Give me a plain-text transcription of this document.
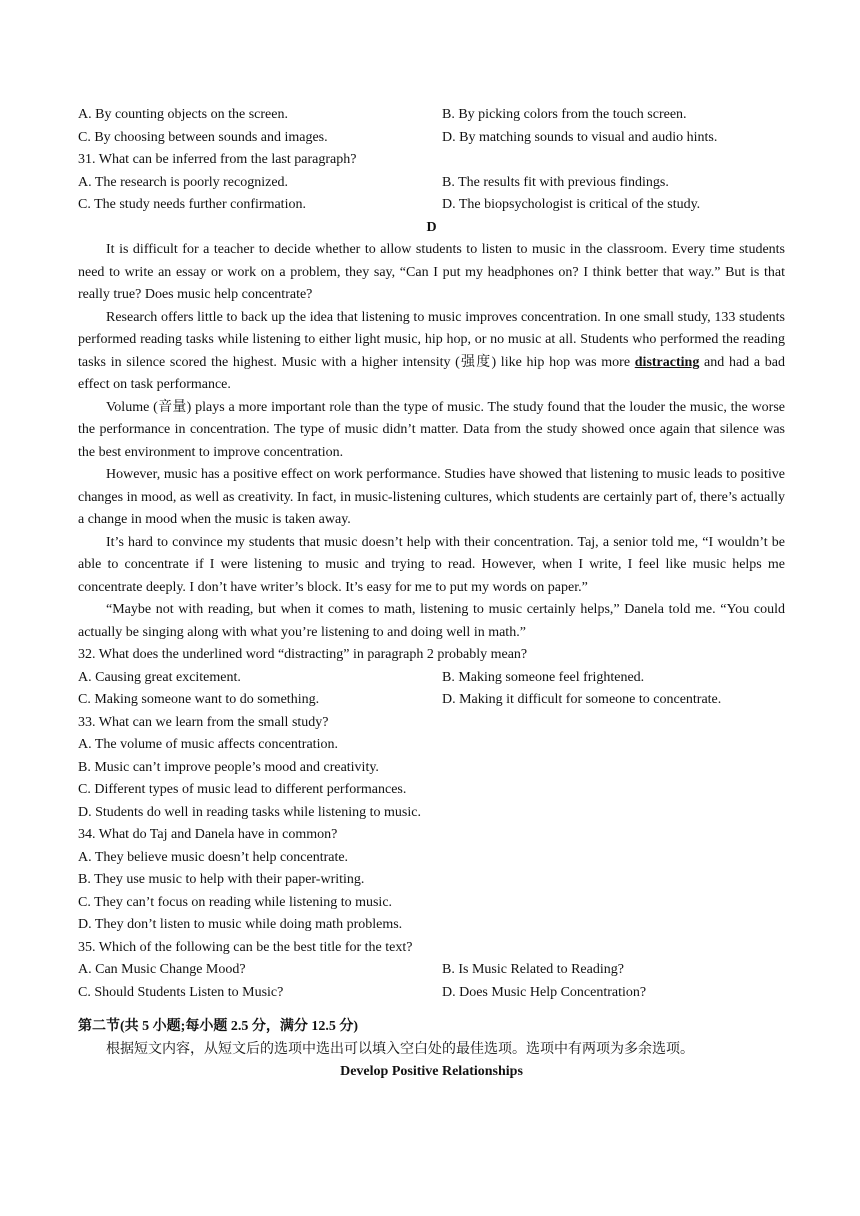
A. By counting objects on the screen.	B. By picking colors from the touch screen.
C. By choosing between sounds and images.	D. By matching sounds to visual and audio hints.
31. What can be inferred from the last paragraph?
A. The research is poorly recognized.	B. The results fit with previous findings.
C. The study needs further confirmation.	D. The biopsychologist is critical of the study.
D

It is difficult for a teacher to decide whether to allow students to listen to music in the classroom. Every time students need to write an essay or work on a problem, they say, “Can I put my headphones on? I think better that way.” But is that really true? Does music help concentrate?

Research offers little to back up the idea that listening to music improves concentration. In one small study, 133 students performed reading tasks while listening to either light music, hip hop, or no music at all. Students who performed the reading tasks in silence scored the highest. Music with a higher intensity (强度) like hip hop was more distracting and had a bad effect on task performance.

Volume (音量) plays a more important role than the type of music. The study found that the louder the music, the worse the performance in concentration. The type of music didn’t matter. Data from the study showed once again that silence was the best environment to improve concentration.

However, music has a positive effect on work performance. Studies have showed that listening to music leads to positive changes in mood, as well as creativity. In fact, in music-listening cultures, which students are certainly part of, there’s actually a change in mood when the music is taken away.

It’s hard to convince my students that music doesn’t help with their concentration. Taj, a senior told me, “I wouldn’t be able to concentrate if I were listening to music and trying to read. However, when I write, I feel like music helps me concentrate deeply. I don’t have writer’s block. It’s easy for me to put my words on paper.”

“Maybe not with reading, but when it comes to math, listening to music certainly helps,” Danela told me. “You could actually be singing along with what you’re listening to and doing well in math.”

32. What does the underlined word “distracting” in paragraph 2 probably mean?
A. Causing great excitement.	B. Making someone feel frightened.
C. Making someone want to do something.	D. Making it difficult for someone to concentrate.
33. What can we learn from the small study?
A. The volume of music affects concentration.
B. Music can’t improve people’s mood and creativity.
C. Different types of music lead to different performances.
D. Students do well in reading tasks while listening to music.
34. What do Taj and Danela have in common?
A. They believe music doesn’t help concentrate.
B. They use music to help with their paper-writing.
C. They can’t focus on reading while listening to music.
D. They don’t listen to music while doing math problems.
35. Which of the following can be the best title for the text?
A. Can Music Change Mood?	B. Is Music Related to Reading?
C. Should Students Listen to Music?	D. Does Music Help Concentration?
第二节(共 5 小题;每小题 2.5 分，满分 12.5 分)
根据短文内容，从短文后的选项中选出可以填入空白处的最佳选项。选项中有两项为多余选项。
Develop Positive Relationships
